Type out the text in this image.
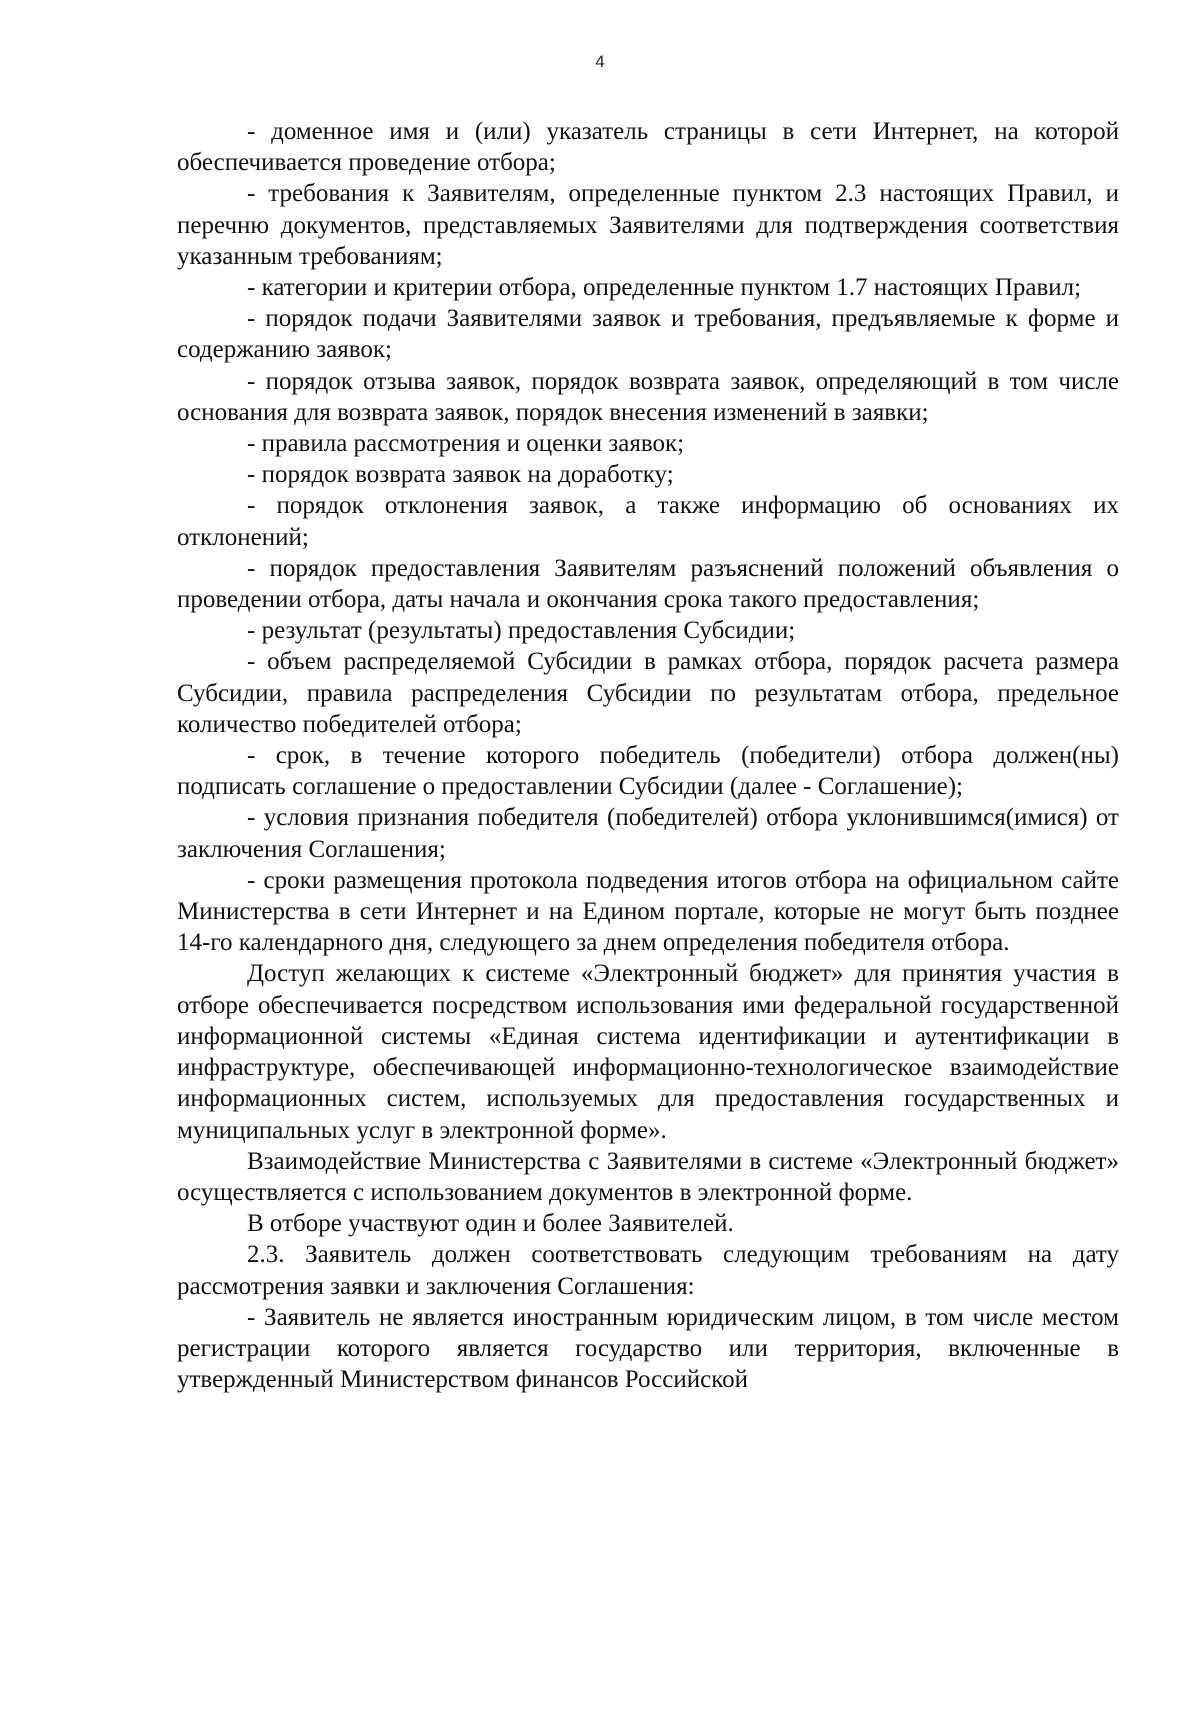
4

- доменное имя и (или) указатель страницы в сети Интернет, на которой обеспечивается проведение отбора;

- требования к Заявителям, определенные пунктом 2.3 настоящих Правил, и перечню документов, представляемых Заявителями для подтверждения соответствия указанным требованиям;

- категории и критерии отбора, определенные пунктом 1.7 настоящих Правил;

- порядок подачи Заявителями заявок и требования, предъявляемые к форме и содержанию заявок;

- порядок отзыва заявок, порядок возврата заявок, определяющий в том числе основания для возврата заявок, порядок внесения изменений в заявки;

- правила рассмотрения и оценки заявок;

- порядок возврата заявок на доработку;

- порядок отклонения заявок, а также информацию об основаниях их отклонений;

- порядок предоставления Заявителям разъяснений положений объявления о проведении отбора, даты начала и окончания срока такого предоставления;

- результат (результаты) предоставления Субсидии;

- объем распределяемой Субсидии в рамках отбора, порядок расчета размера Субсидии, правила распределения Субсидии по результатам отбора, предельное количество победителей отбора;

- срок, в течение которого победитель (победители) отбора должен(ны) подписать соглашение о предоставлении Субсидии (далее - Соглашение);

- условия признания победителя (победителей) отбора уклонившимся(имися) от заключения Соглашения;

- сроки размещения протокола подведения итогов отбора на официальном сайте Министерства в сети Интернет и на Едином портале, которые не могут быть позднее 14-го календарного дня, следующего за днем определения победителя отбора.

Доступ желающих к системе «Электронный бюджет» для принятия участия в отборе обеспечивается посредством использования ими федеральной государственной информационной системы «Единая система идентификации и аутентификации в инфраструктуре, обеспечивающей информационно-технологическое взаимодействие информационных систем, используемых для предоставления государственных и муниципальных услуг в электронной форме».

Взаимодействие Министерства с Заявителями в системе «Электронный бюджет» осуществляется с использованием документов в электронной форме.

В отборе участвуют один и более Заявителей.

2.3. Заявитель должен соответствовать следующим требованиям на дату рассмотрения заявки и заключения Соглашения:

- Заявитель не является иностранным юридическим лицом, в том числе местом регистрации которого является государство или территория, включенные в утвержденный Министерством финансов Российской
